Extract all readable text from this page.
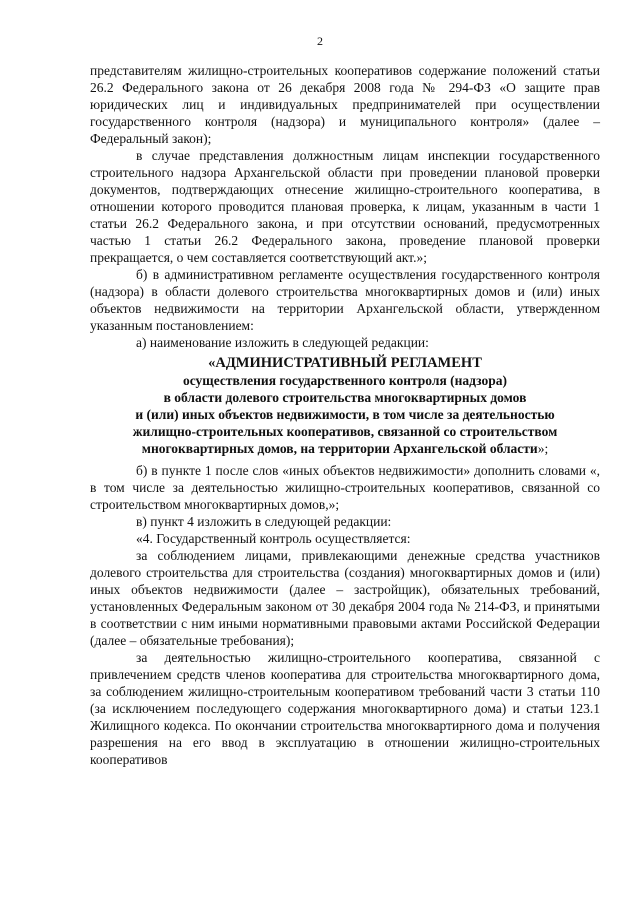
2

представителям жилищно-строительных кооперативов содержание положений статьи 26.2 Федерального закона от 26 декабря 2008 года № 294-ФЗ «О защите прав юридических лиц и индивидуальных предпринимателей при осуществлении государственного контроля (надзора) и муниципального контроля» (далее – Федеральный закон);

в случае представления должностным лицам инспекции государственного строительного надзора Архангельской области при проведении плановой проверки документов, подтверждающих отнесение жилищно-строительного кооператива, в отношении которого проводится плановая проверка, к лицам, указанным в части 1 статьи 26.2 Федерального закона, и при отсутствии оснований, предусмотренных частью 1 статьи 26.2 Федерального закона, проведение плановой проверки прекращается, о чем составляется соответствующий акт.»;

б) в административном регламенте осуществления государственного контроля (надзора) в области долевого строительства многоквартирных домов и (или) иных объектов недвижимости на территории Архангельской области, утвержденном указанным постановлением:

а) наименование изложить в следующей редакции:

«АДМИНИСТРАТИВНЫЙ РЕГЛАМЕНТ
осуществления государственного контроля (надзора)
в области долевого строительства многоквартирных домов
и (или) иных объектов недвижимости, в том числе за деятельностью
жилищно-строительных кооперативов, связанной со строительством
многоквартирных домов, на территории Архангельской области»;

б) в пункте 1 после слов «иных объектов недвижимости» дополнить словами «, в том числе за деятельностью жилищно-строительных кооперативов, связанной со строительством многоквартирных домов,»;

в) пункт 4 изложить в следующей редакции:

«4. Государственный контроль осуществляется:

за соблюдением лицами, привлекающими денежные средства участников долевого строительства для строительства (создания) многоквартирных домов и (или) иных объектов недвижимости (далее – застройщик), обязательных требований, установленных Федеральным законом от 30 декабря 2004 года № 214-ФЗ, и принятыми в соответствии с ним иными нормативными правовыми актами Российской Федерации (далее – обязательные требования);

за деятельностью жилищно-строительного кооператива, связанной с привлечением средств членов кооператива для строительства многоквартирного дома, за соблюдением жилищно-строительным кооперативом требований части 3 статьи 110 (за исключением последующего содержания многоквартирного дома) и статьи 123.1 Жилищного кодекса. По окончании строительства многоквартирного дома и получения разрешения на его ввод в эксплуатацию в отношении жилищно-строительных кооперативов
